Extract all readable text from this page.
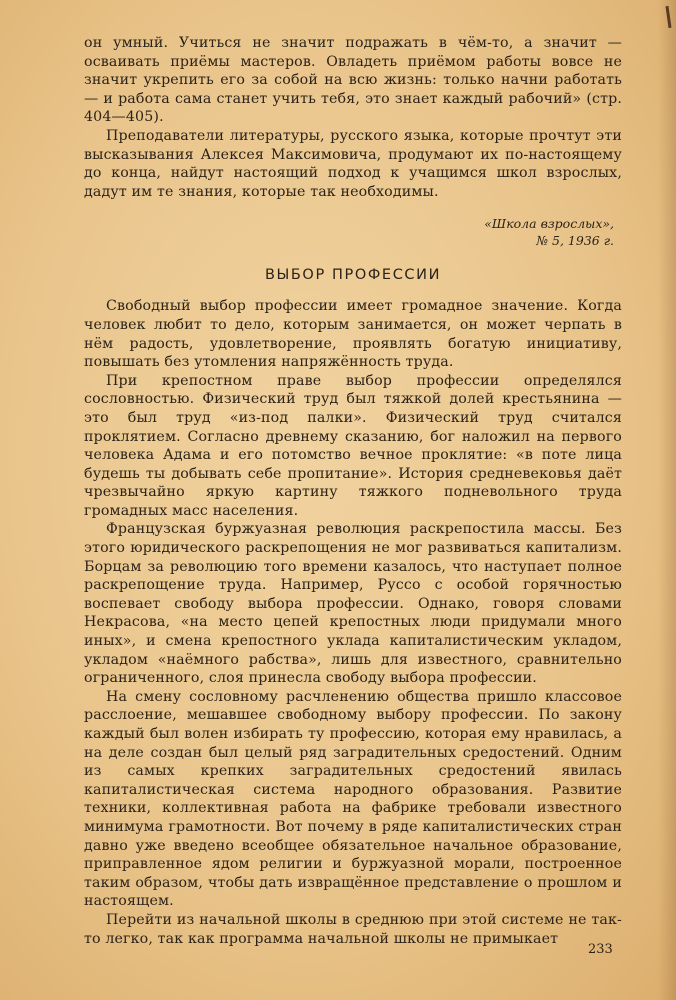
он умный. Учиться не значит подражать в чём-то, а значит — осваивать приёмы мастеров. Овладеть приёмом работы вовсе не значит укрепить его за собой на всю жизнь: только начни работать — и работа сама станет учить тебя, это знает каждый рабочий» (стр. 404—405).

Преподаватели литературы, русского языка, которые прочтут эти высказывания Алексея Максимовича, продумают их по-настоящему до конца, найдут настоящий подход к учащимся школ взрослых, дадут им те знания, которые так необходимы.

«Школа взрослых»,
№ 5, 1936 г.
ВЫБОР ПРОФЕССИИ

Свободный выбор профессии имеет громадное значение. Когда человек любит то дело, которым занимается, он может черпать в нём радость, удовлетворение, проявлять богатую инициативу, повышать без утомления напряжённость труда.

При крепостном праве выбор профессии определялся сословностью. Физический труд был тяжкой долей крестьянина — это был труд «из-под палки». Физический труд считался проклятием. Согласно древнему сказанию, бог наложил на первого человека Адама и его потомство вечное проклятие: «в поте лица будешь ты добывать себе пропитание». История средневековья даёт чрезвычайно яркую картину тяжкого подневольного труда громадных масс населения.

Французская буржуазная революция раскрепостила массы. Без этого юридического раскрепощения не мог развиваться капитализм. Борцам за революцию того времени казалось, что наступает полное раскрепощение труда. Например, Руссо с особой горячностью воспевает свободу выбора профессии. Однако, говоря словами Некрасова, «на место цепей крепостных люди придумали много иных», и смена крепостного уклада капиталистическим укладом, укладом «наёмного рабства», лишь для известного, сравнительно ограниченного, слоя принесла свободу выбора профессии.

На смену сословному расчленению общества пришло классовое расслоение, мешавшее свободному выбору профессии. По закону каждый был волен избирать ту профессию, которая ему нравилась, а на деле создан был целый ряд заградительных средостений. Одним из самых крепких заградительных средостений явилась капиталистическая система народного образования. Развитие техники, коллективная работа на фабрике требовали известного минимума грамотности. Вот почему в ряде капиталистических стран давно уже введено всеобщее обязательное начальное образование, приправленное ядом религии и буржуазной морали, построенное таким образом, чтобы дать извращённое представление о прошлом и настоящем.

Перейти из начальной школы в среднюю при этой системе не так-то легко, так как программа начальной школы не примыкает

233
